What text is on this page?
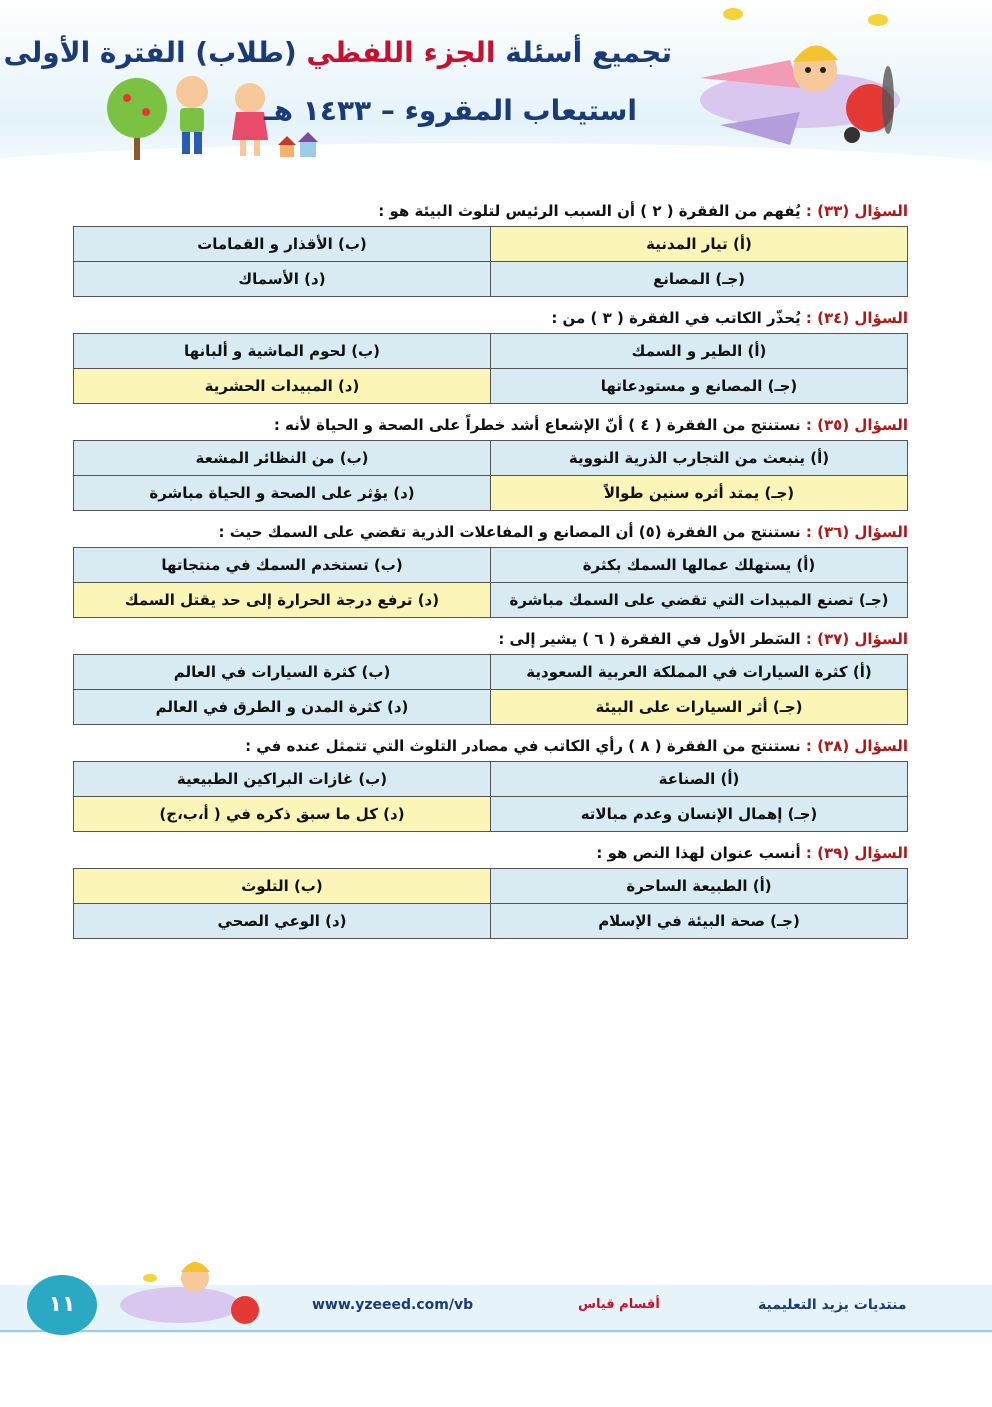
تجميع أسئلة الجزء اللفظي (طلاب) الفترة الأولى
استيعاب المقروء – ١٤٣٣ هـ
السؤال (٣٣) : يُفهم من الفقرة ( ٢ ) أن السبب الرئيس لتلوث البيئة هو :
(أ) تيار المدنية	(ب) الأقذار و القمامات
(جـ) المصانع	(د) الأسماك
السؤال (٣٤) : يُحذّر الكاتب في الفقرة ( ٣ ) من :
(أ) الطير و السمك	(ب) لحوم الماشية و ألبانها
(جـ) المصانع و مستودعاتها	(د) المبيدات الحشرية
السؤال (٣٥) : نستنتج من الفقرة ( ٤ ) أنّ الإشعاع أشد خطراً على الصحة و الحياة لأنه :
(أ) ينبعث من التجارب الذرية النووية	(ب) من النظائر المشعة
(جـ) يمتد أثره سنين طوالاً	(د) يؤثر على الصحة و الحياة مباشرة
السؤال (٣٦) : نستنتج من الفقرة (٥) أن المصانع و المفاعلات الذرية تقضي على السمك حيث :
(أ) يستهلك عمالها السمك بكثرة	(ب) تستخدم السمك في منتجاتها
(جـ) تصنع المبيدات التي تقضي على السمك مباشرة	(د) ترفع درجة الحرارة إلى حد يقتل السمك
السؤال (٣٧) : السَطر الأول في الفقرة ( ٦ ) يشير إلى :
(أ) كثرة السيارات في المملكة العربية السعودية	(ب) كثرة السيارات في العالم
(جـ) أثر السيارات على البيئة	(د) كثرة المدن و الطرق في العالم
السؤال (٣٨) : نستنتج من الفقرة ( ٨ ) رأي الكاتب في مصادر التلوث التي تتمثل عنده في :
(أ) الصناعة	(ب) غازات البراكين الطبيعية
(جـ) إهمال الإنسان وعدم مبالاته	(د) كل ما سبق ذكره في ( أ،ب،ج)
السؤال (٣٩) : أنسب عنوان لهذا النص هو :
(أ) الطبيعة الساحرة	(ب) التلوث
(جـ) صحة البيئة في الإسلام	(د) الوعي الصحي
١١	www.yzeeed.com/vb	أقسام قياس	منتديات يزيد التعليمية
